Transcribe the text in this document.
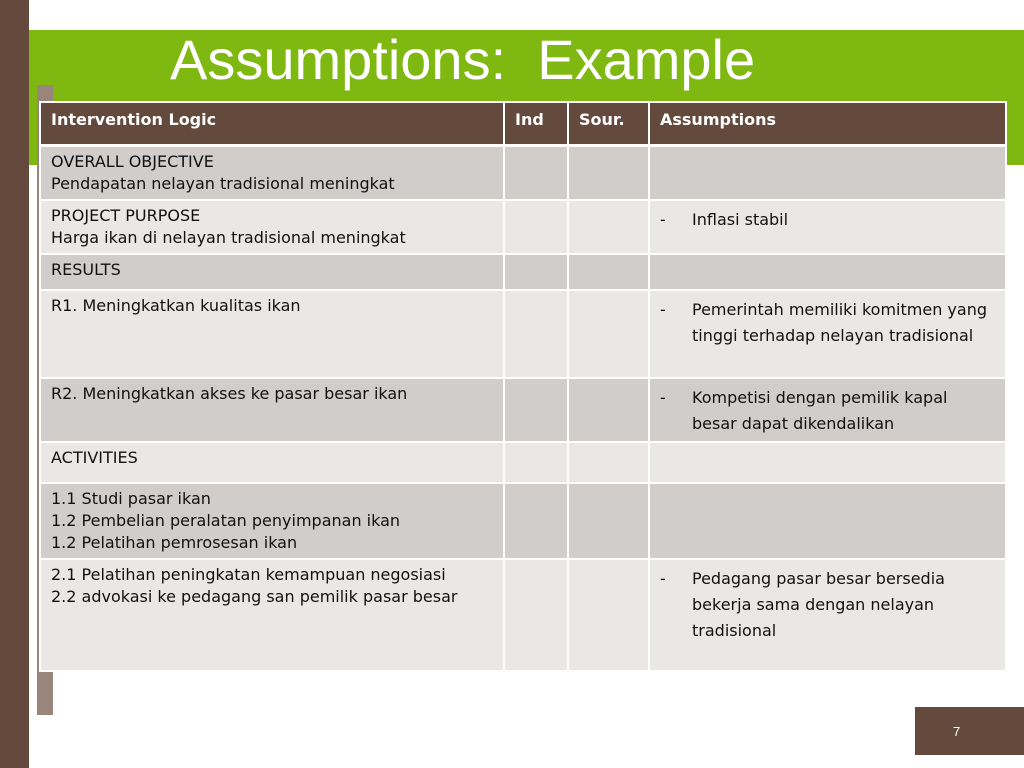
Assumptions:  Example
Intervention Logic	Ind	Sour.	Assumptions

OVERALL OBJECTIVE
Pendapatan nelayan tradisional meningkat			

PROJECT PURPOSE
Harga ikan di nelayan tradisional meningkat			- Inflasi stabil

RESULTS			

R1. Meningkatkan kualitas ikan			- Pemerintah memiliki komitmen yang tinggi terhadap nelayan tradisional

R2. Meningkatkan akses ke pasar besar ikan			- Kompetisi dengan pemilik kapal besar dapat dikendalikan

ACTIVITIES			

1.1 Studi pasar ikan
1.2 Pembelian peralatan penyimpanan ikan
1.2 Pelatihan pemrosesan ikan			

2.1 Pelatihan peningkatan kemampuan negosiasi
2.2 advokasi ke pedagang san pemilik pasar besar			- Pedagang pasar besar bersedia bekerja sama dengan nelayan tradisional
7
